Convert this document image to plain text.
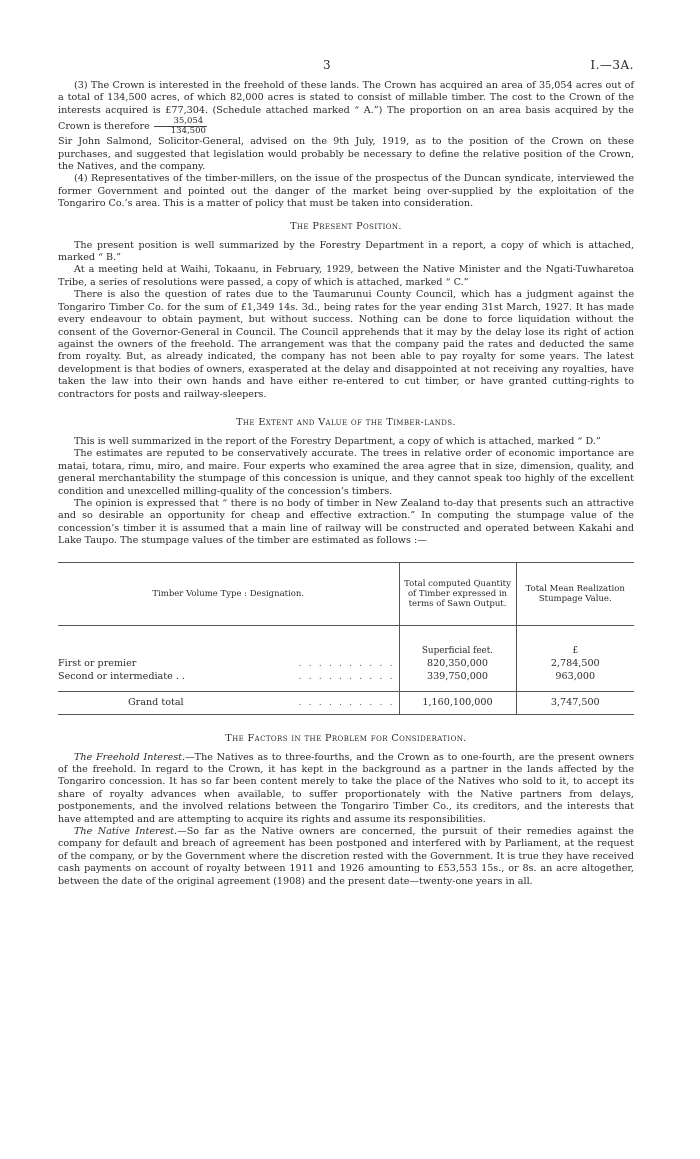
3	I.—3A.

(3) The Crown is interested in the freehold of these lands. The Crown has acquired an area of 35,054 acres out of a total of 134,500 acres, of which 82,000 acres is stated to consist of millable timber. The cost to the Crown of the interests acquired is £77,304. (Schedule attached marked “ A.”) The proportion on an area basis acquired by the Crown is therefore $\frac{35,054}{134,500}$

Sir John Salmond, Solicitor-General, advised on the 9th July, 1919, as to the position of the Crown on these purchases, and suggested that legislation would probably be necessary to define the relative position of the Crown, the Natives, and the company.

(4) Representatives of the timber-millers, on the issue of the prospectus of the Duncan syndicate, interviewed the former Government and pointed out the danger of the market being over-supplied by the exploitation of the Tongariro Co.’s area. This is a matter of policy that must be taken into consideration.

The Present Position.

The present position is well summarized by the Forestry Department in a report, a copy of which is attached, marked “ B.”

At a meeting held at Waihi, Tokaanu, in February, 1929, between the Native Minister and the Ngati-Tuwharetoa Tribe, a series of resolutions were passed, a copy of which is attached, marked “ C.”

There is also the question of rates due to the Taumarunui County Council, which has a judgment against the Tongariro Timber Co. for the sum of £1,349 14s. 3d., being rates for the year ending 31st March, 1927. It has made every endeavour to obtain payment, but without success. Nothing can be done to force liquidation without the consent of the Governor-General in Council. The Council apprehends that it may by the delay lose its right of action against the owners of the freehold. The arrangement was that the company paid the rates and deducted the same from royalty. But, as already indicated, the company has not been able to pay royalty for some years. The latest development is that bodies of owners, exasperated at the delay and disappointed at not receiving any royalties, have taken the law into their own hands and have either re-entered to cut timber, or have granted cutting-rights to contractors for posts and railway-sleepers.

The Extent and Value of the Timber-lands.

This is well summarized in the report of the Forestry Department, a copy of which is attached, marked “ D.”

The estimates are reputed to be conservatively accurate. The trees in relative order of economic importance are matai, totara, rimu, miro, and maire. Four experts who examined the area agree that in size, dimension, quality, and general merchantability the stumpage of this concession is unique, and they cannot speak too highly of the excellent condition and unexcelled milling-quality of the concession’s timbers.

The opinion is expressed that “ there is no body of timber in New Zealand to-day that presents such an attractive and so desirable an opportunity for cheap and effective extraction.” In computing the stumpage value of the concession’s timber it is assumed that a main line of railway will be constructed and operated between Kakahi and Lake Taupo. The stumpage values of the timber are estimated as follows :—

Timber Volume Type : Designation.	Total computed Quantity of Timber expressed in terms of Sawn Output.	Total Mean Realization Stumpage Value.
	Superficial feet.	£
First or premier . . . . . . . . . .	820,350,000	2,784,500
Second or intermediate . . . . . . . . . . . .	339,750,000	963,000

Grand total . . . . . . . . . .	1,160,100,000	3,747,500
The Factors in the Problem for Consideration.

The Freehold Interest.—The Natives as to three-fourths, and the Crown as to one-fourth, are the present owners of the freehold. In regard to the Crown, it has kept in the background as a partner in the lands affected by the Tongariro concession. It has so far been content merely to take the place of the Natives who sold to it, to accept its share of royalty advances when available, to suffer proportionately with the Native partners from delays, postponements, and the involved relations between the Tongariro Timber Co., its creditors, and the interests that have attempted and are attempting to acquire its rights and assume its responsibilities.

The Native Interest.—So far as the Native owners are concerned, the pursuit of their remedies against the company for default and breach of agreement has been postponed and interfered with by Parliament, at the request of the company, or by the Government where the discretion rested with the Government. It is true they have received cash payments on account of royalty between 1911 and 1926 amounting to £53,553 15s., or 8s. an acre altogether, between the date of the original agreement (1908) and the present date—twenty-one years in all.
